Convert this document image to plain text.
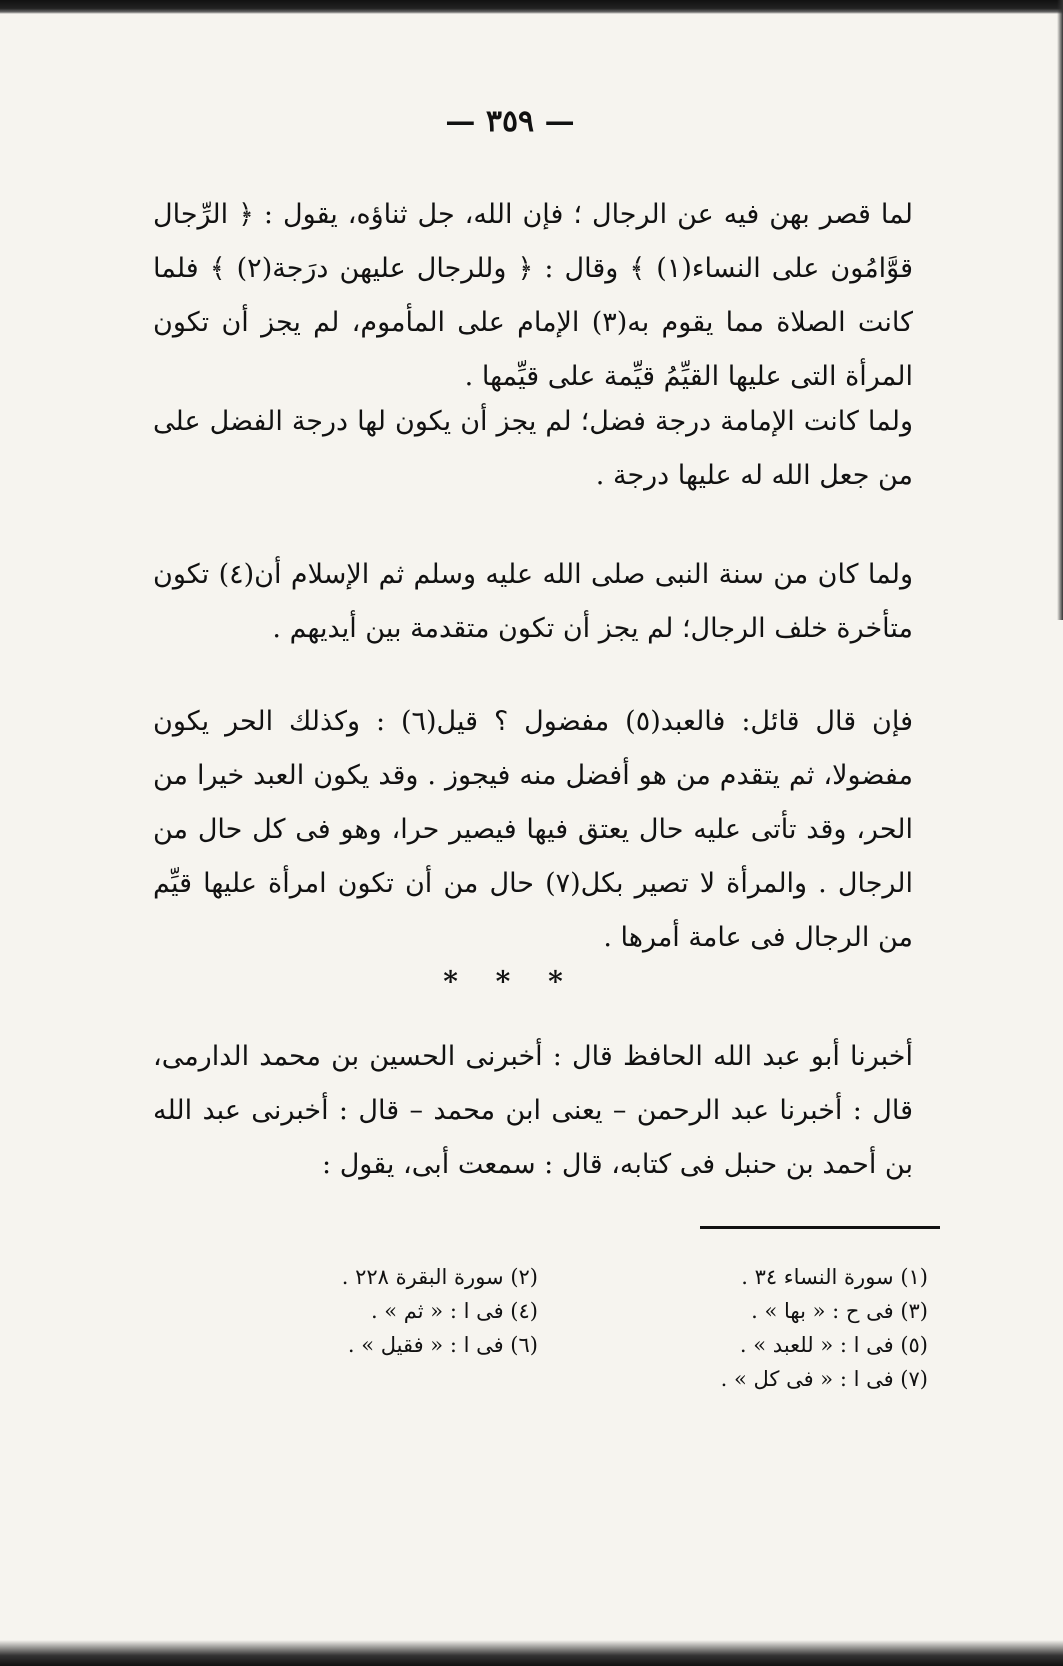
— ٣٥٩ —

لما قصر بهن فيه عن الرجال ؛ فإن الله، جل ثناؤه، يقول : ﴿ الرِّجال قوَّامُون على النساء(١) ﴾ وقال : ﴿ وللرجال عليهن درَجة(٢) ﴾ فلما كانت الصلاة مما يقوم به(٣) الإمام على المأموم، لم يجز أن تكون المرأة التى عليها القيِّمُ قيِّمة على قيِّمها .

ولما كانت الإمامة درجة فضل؛ لم يجز أن يكون لها درجة الفضل على من جعل الله له عليها درجة .

ولما كان من سنة النبى صلى الله عليه وسلم ثم الإسلام أن(٤) تكون متأخرة خلف الرجال؛ لم يجز أن تكون متقدمة بين أيديهم .

فإن قال قائل: فالعبد(٥) مفضول ؟ قيل(٦) : وكذلك الحر يكون مفضولا، ثم يتقدم من هو أفضل منه فيجوز . وقد يكون العبد خيرا من الحر، وقد تأتى عليه حال يعتق فيها فيصير حرا، وهو فى كل حال من الرجال . والمرأة لا تصير بكل(٧) حال من أن تكون امرأة عليها قيِّم من الرجال فى عامة أمرها .

* * *

أخبرنا أبو عبد الله الحافظ قال : أخبرنى الحسين بن محمد الدارمى، قال : أخبرنا عبد الرحمن – يعنى ابن محمد – قال : أخبرنى عبد الله بن أحمد بن حنبل فى كتابه، قال : سمعت أبى، يقول :

(١) سورة النساء ٣٤ .
(٢) سورة البقرة ٢٢٨ .
(٣) فى ح : « بها » .
(٤) فى ا : « ثم » .
(٥) فى ا : « للعبد » .
(٦) فى ا : « فقيل » .
(٧) فى ا : « فى كل » .
